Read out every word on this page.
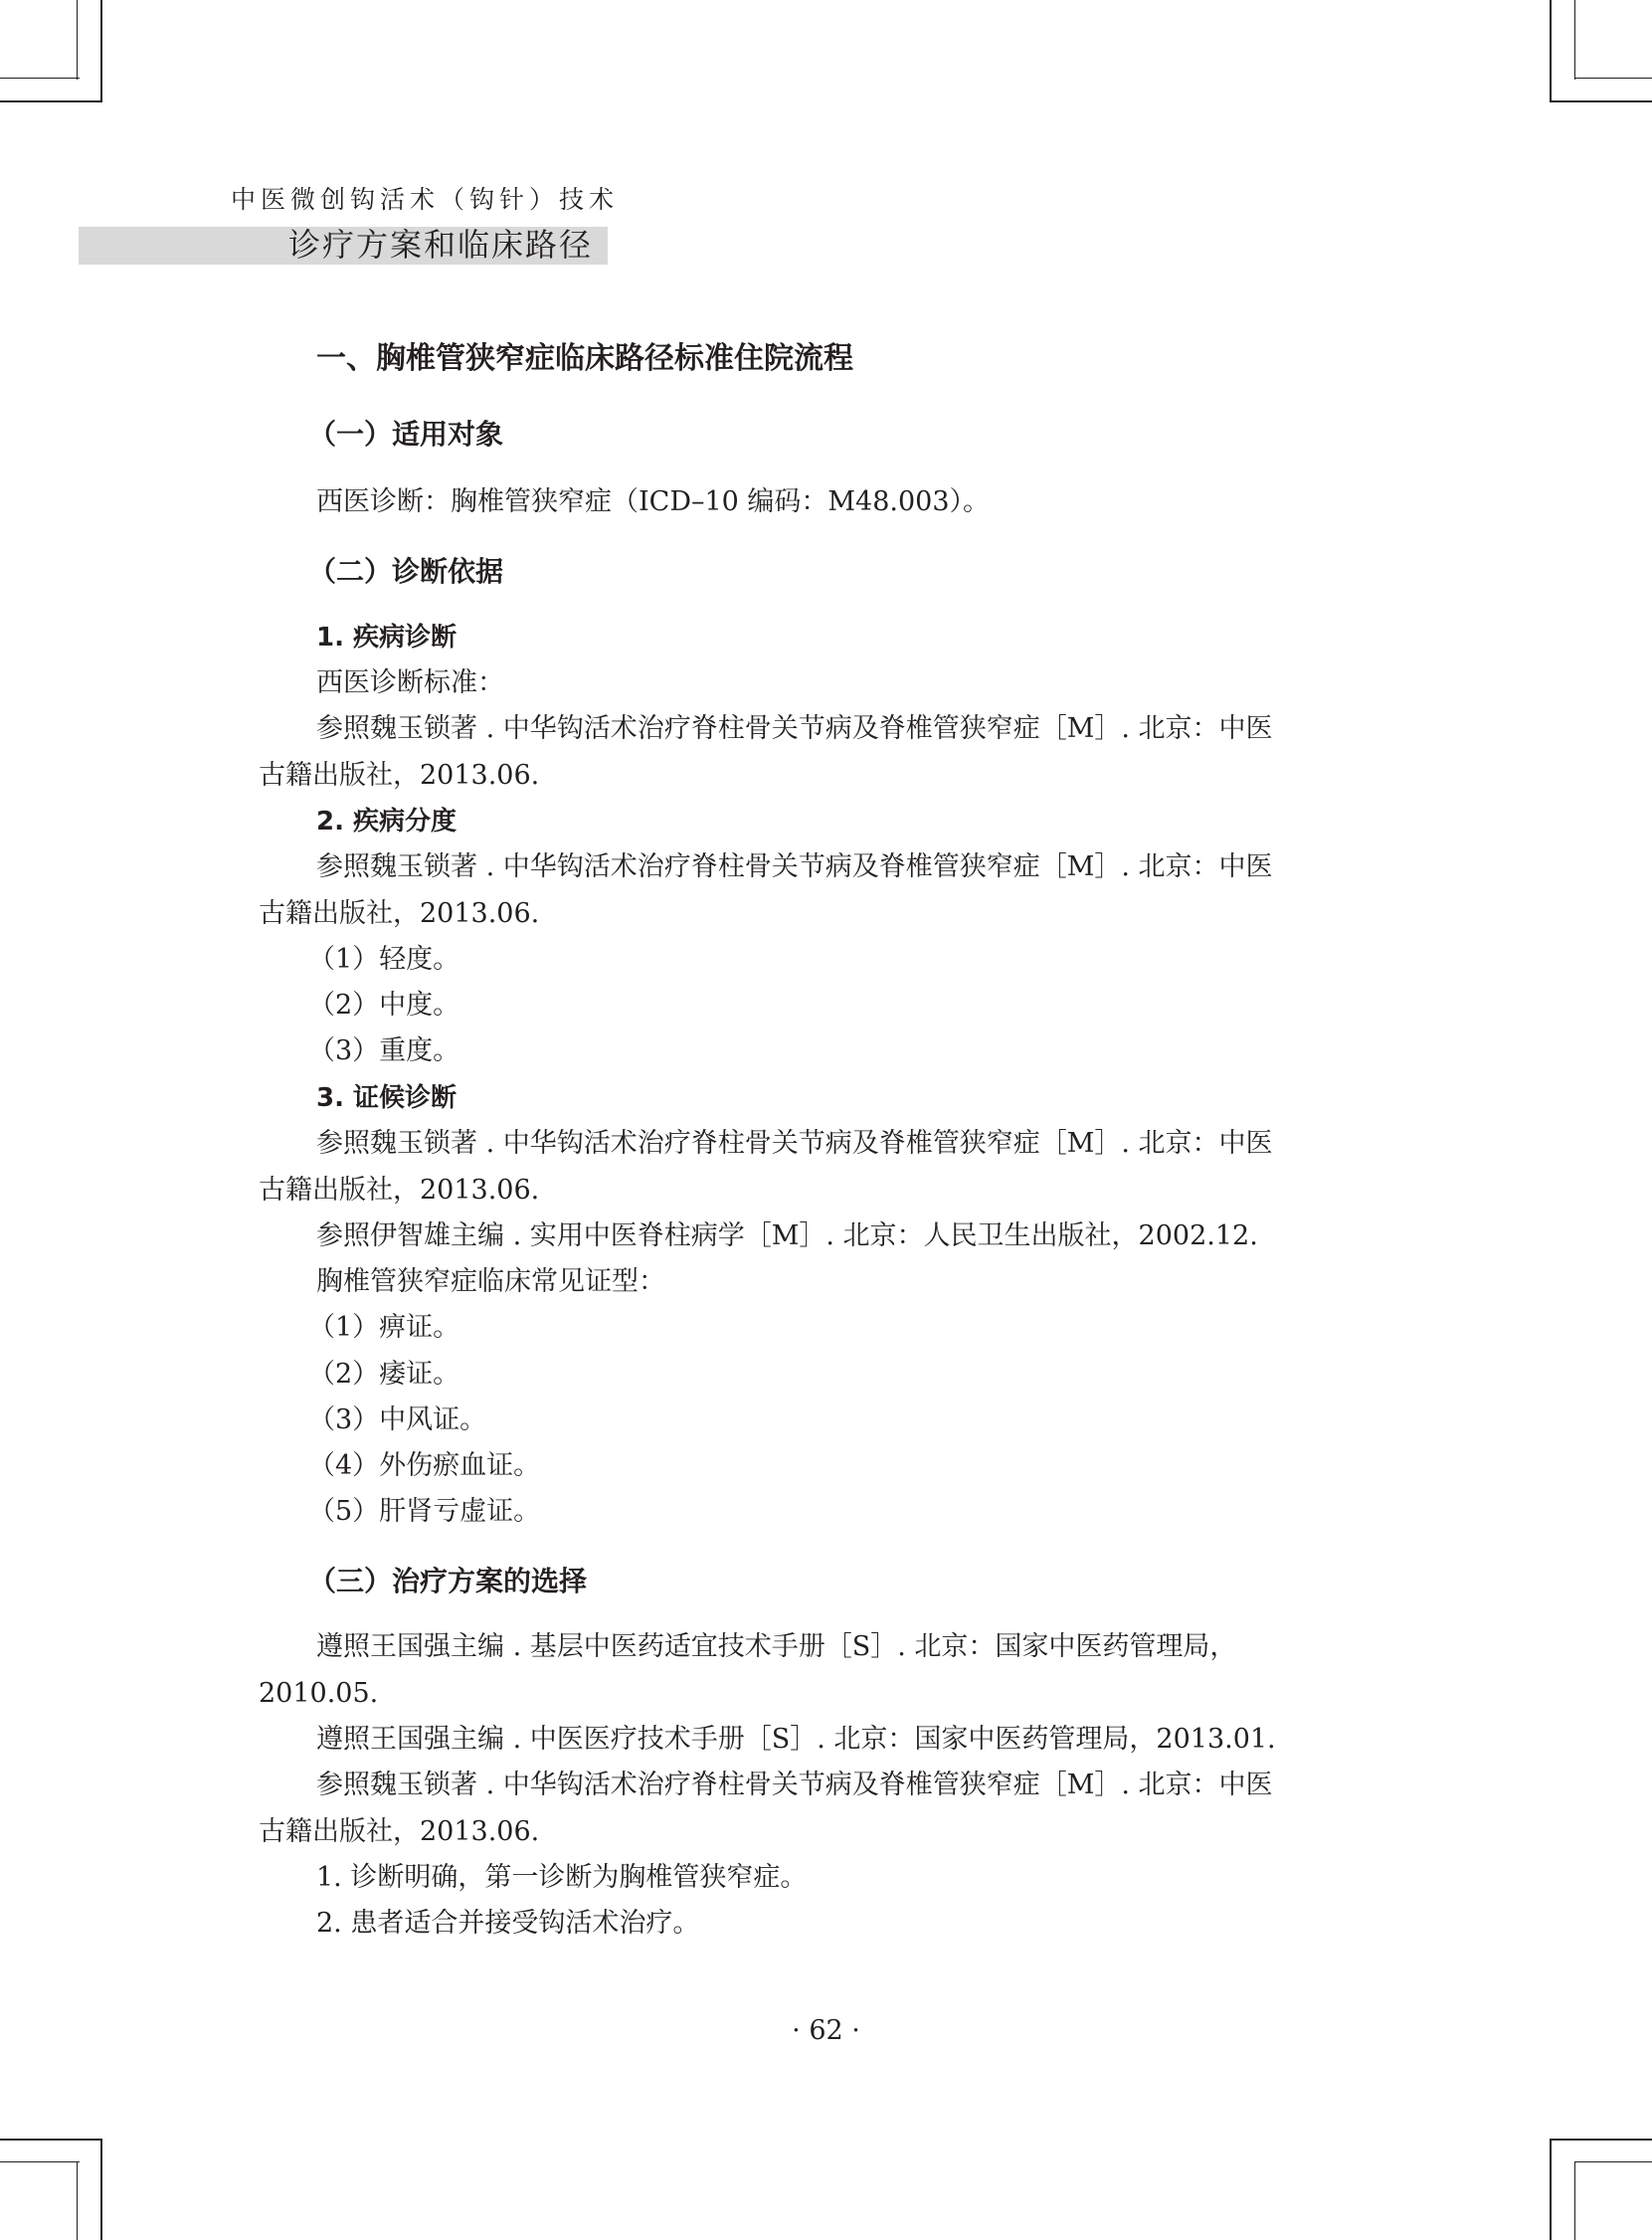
中医微创钩活术（钩针）技术
诊疗方案和临床路径
一、胸椎管狭窄症临床路径标准住院流程
（一）适用对象
西医诊断：胸椎管狭窄症（ICD–10 编码：M48.003）。
（二）诊断依据
1. 疾病诊断
西医诊断标准：
参照魏玉锁著 . 中华钩活术治疗脊柱骨关节病及脊椎管狭窄症［M］. 北京：中医
古籍出版社，2013.06.
2. 疾病分度
参照魏玉锁著 . 中华钩活术治疗脊柱骨关节病及脊椎管狭窄症［M］. 北京：中医
古籍出版社，2013.06.
（1）轻度。
（2）中度。
（3）重度。
3. 证候诊断
参照魏玉锁著 . 中华钩活术治疗脊柱骨关节病及脊椎管狭窄症［M］. 北京：中医
古籍出版社，2013.06.
参照伊智雄主编 . 实用中医脊柱病学［M］. 北京：人民卫生出版社，2002.12.
胸椎管狭窄症临床常见证型：
（1）痹证。
（2）痿证。
（3）中风证。
（4）外伤瘀血证。
（5）肝肾亏虚证。
（三）治疗方案的选择
遵照王国强主编 . 基层中医药适宜技术手册［S］. 北京：国家中医药管理局，
2010.05.
遵照王国强主编 . 中医医疗技术手册［S］. 北京：国家中医药管理局，2013.01.
参照魏玉锁著 . 中华钩活术治疗脊柱骨关节病及脊椎管狭窄症［M］. 北京：中医
古籍出版社，2013.06.
1. 诊断明确，第一诊断为胸椎管狭窄症。
2. 患者适合并接受钩活术治疗。
· 62 ·
